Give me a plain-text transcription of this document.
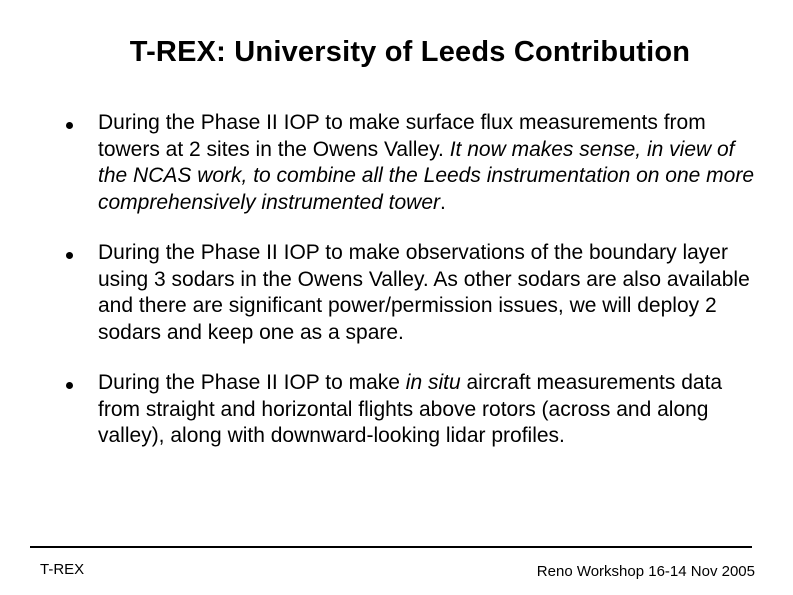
T-REX: University of Leeds Contribution
During the Phase II IOP to make surface flux measurements from towers at 2 sites in the Owens Valley. It now makes sense, in view of the NCAS work, to combine all the Leeds instrumentation on one more comprehensively instrumented tower.
During the Phase II IOP to make observations of the boundary layer using 3 sodars in the Owens Valley. As other sodars are also available and there are significant power/permission issues, we will deploy 2 sodars and keep one as a spare.
During the Phase II IOP to make in situ aircraft measurements data from straight and horizontal flights above rotors (across and along valley), along with downward-looking lidar profiles.
T-REX	Reno Workshop 16-14 Nov 2005
